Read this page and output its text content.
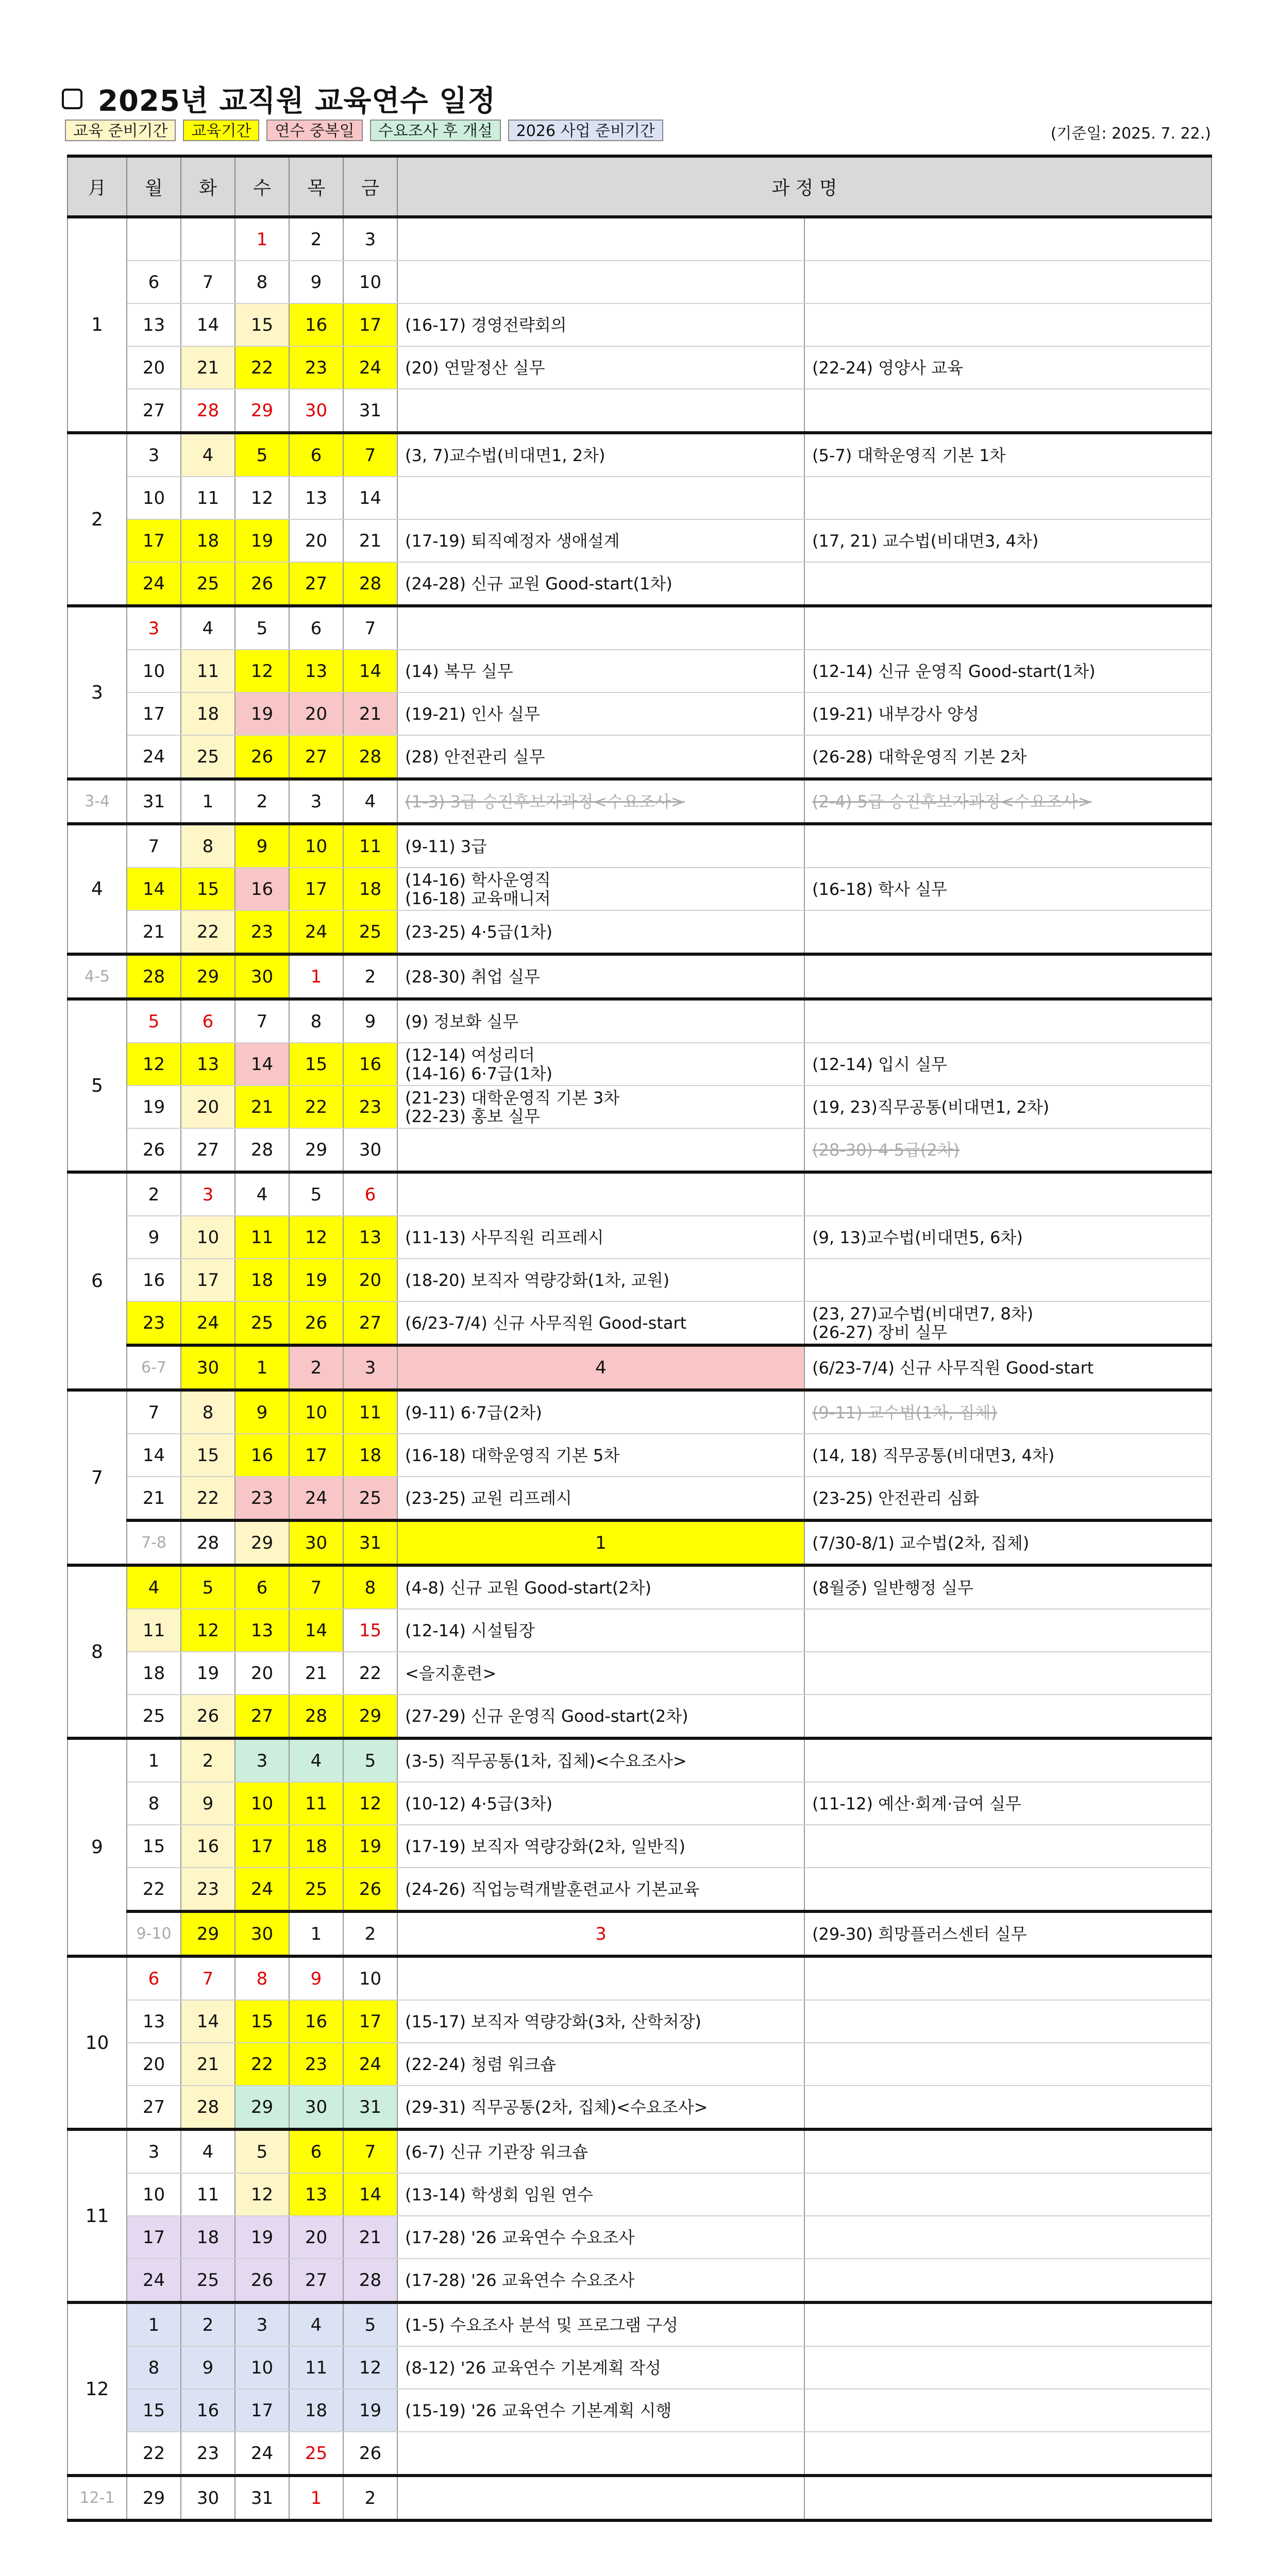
2025년 교직원 교육연수 일정
교육 준비기간	교육기간	연수 중복일	수요조사 후 개설	2026 사업 준비기간	(기준일: 2025. 7. 22.)
月	월	화	수	목	금	과 정 명		
1			1	2	3		

	6	7	8	9	10		

	13	14	15	16	17	(16-17) 경영전략회의		

	20	21	22	23	24	(20) 연말정산 실무	(22-24) 영양사 교육	

	27	28	29	30	31		

2	3	4	5	6	7	(3, 7)교수법(비대면1, 2차)	(5-7) 대학운영직 기본 1차	

	10	11	12	13	14		

	17	18	19	20	21	(17-19) 퇴직예정자 생애설계	(17, 21) 교수법(비대면3, 4차)	

	24	25	26	27	28	(24-28) 신규 교원 Good-start(1차)		

3	3	4	5	6	7		

	10	11	12	13	14	(14) 복무 실무	(12-14) 신규 운영직 Good-start(1차)	

	17	18	19	20	21	(19-21) 인사 실무	(19-21) 내부강사 양성	

	24	25	26	27	28	(28) 안전관리 실무	(26-28) 대학운영직 기본 2차	

3-4	31	1	2	3	4	(1-3) 3급 승진후보자과정<수요조사>	(2-4) 5급 승진후보자과정<수요조사>	

4	7	8	9	10	11	(9-11) 3급		

	14	15	16	17	18	(14-16) 학사운영직
(16-18) 교육매니저	(16-18) 학사 실무	

	21	22	23	24	25	(23-25) 4·5급(1차)		

4-5	28	29	30	1	2	(28-30) 취업 실무		

5	5	6	7	8	9	(9) 정보화 실무		

	12	13	14	15	16	(12-14) 여성리더
(14-16) 6·7급(1차)	(12-14) 입시 실무	

	19	20	21	22	23	(21-23) 대학운영직 기본 3차
(22-23) 홍보 실무	(19, 23)직무공통(비대면1, 2차)	

	26	27	28	29	30		(28-30) 4·5급(2차)	

6	2	3	4	5	6		

	9	10	11	12	13	(11-13) 사무직원 리프레시	(9, 13)교수법(비대면5, 6차)	

	16	17	18	19	20	(18-20) 보직자 역량강화(1차, 교원)		

	23	24	25	26	27	(6/23-7/4) 신규 사무직원 Good-start	(23, 27)교수법(비대면7, 8차)
(26-27) 장비 실무	

	6-7	30	1	2	3	4	(6/23-7/4) 신규 사무직원 Good-start

7	7	8	9	10	11	(9-11) 6·7급(2차)	(9-11) 교수법(1차, 집체)	

	14	15	16	17	18	(16-18) 대학운영직 기본 5차	(14, 18) 직무공통(비대면3, 4차)	

	21	22	23	24	25	(23-25) 교원 리프레시	(23-25) 안전관리 심화	

	7-8	28	29	30	31	1	(7/30-8/1) 교수법(2차, 집체)	

8	4	5	6	7	8	(4-8) 신규 교원 Good-start(2차)	(8월중) 일반행정 실무	

	11	12	13	14	15	(12-14) 시설팀장		

	18	19	20	21	22	<을지훈련>		

	25	26	27	28	29	(27-29) 신규 운영직 Good-start(2차)		

9	1	2	3	4	5	(3-5) 직무공통(1차, 집체)<수요조사>		

	8	9	10	11	12	(10-12) 4·5급(3차)	(11-12) 예산·회계·급여 실무	

	15	16	17	18	19	(17-19) 보직자 역량강화(2차, 일반직)		

	22	23	24	25	26	(24-26) 직업능력개발훈련교사 기본교육		

	9-10	29	30	1	2	3	(29-30) 희망플러스센터 실무	

10	6	7	8	9	10		

	13	14	15	16	17	(15-17) 보직자 역량강화(3차, 산학처장)		

	20	21	22	23	24	(22-24) 청렴 워크숍		

	27	28	29	30	31	(29-31) 직무공통(2차, 집체)<수요조사>		

11	3	4	5	6	7	(6-7) 신규 기관장 워크숍		

	10	11	12	13	14	(13-14) 학생회 임원 연수		

	17	18	19	20	21	(17-28) '26 교육연수 수요조사		

	24	25	26	27	28	(17-28) '26 교육연수 수요조사		

12	1	2	3	4	5	(1-5) 수요조사 분석 및 프로그램 구성		

	8	9	10	11	12	(8-12) '26 교육연수 기본계획 작성		

	15	16	17	18	19	(15-19) '26 교육연수 기본계획 시행		

	22	23	24	25	26		

12-1	29	30	31	1	2		
